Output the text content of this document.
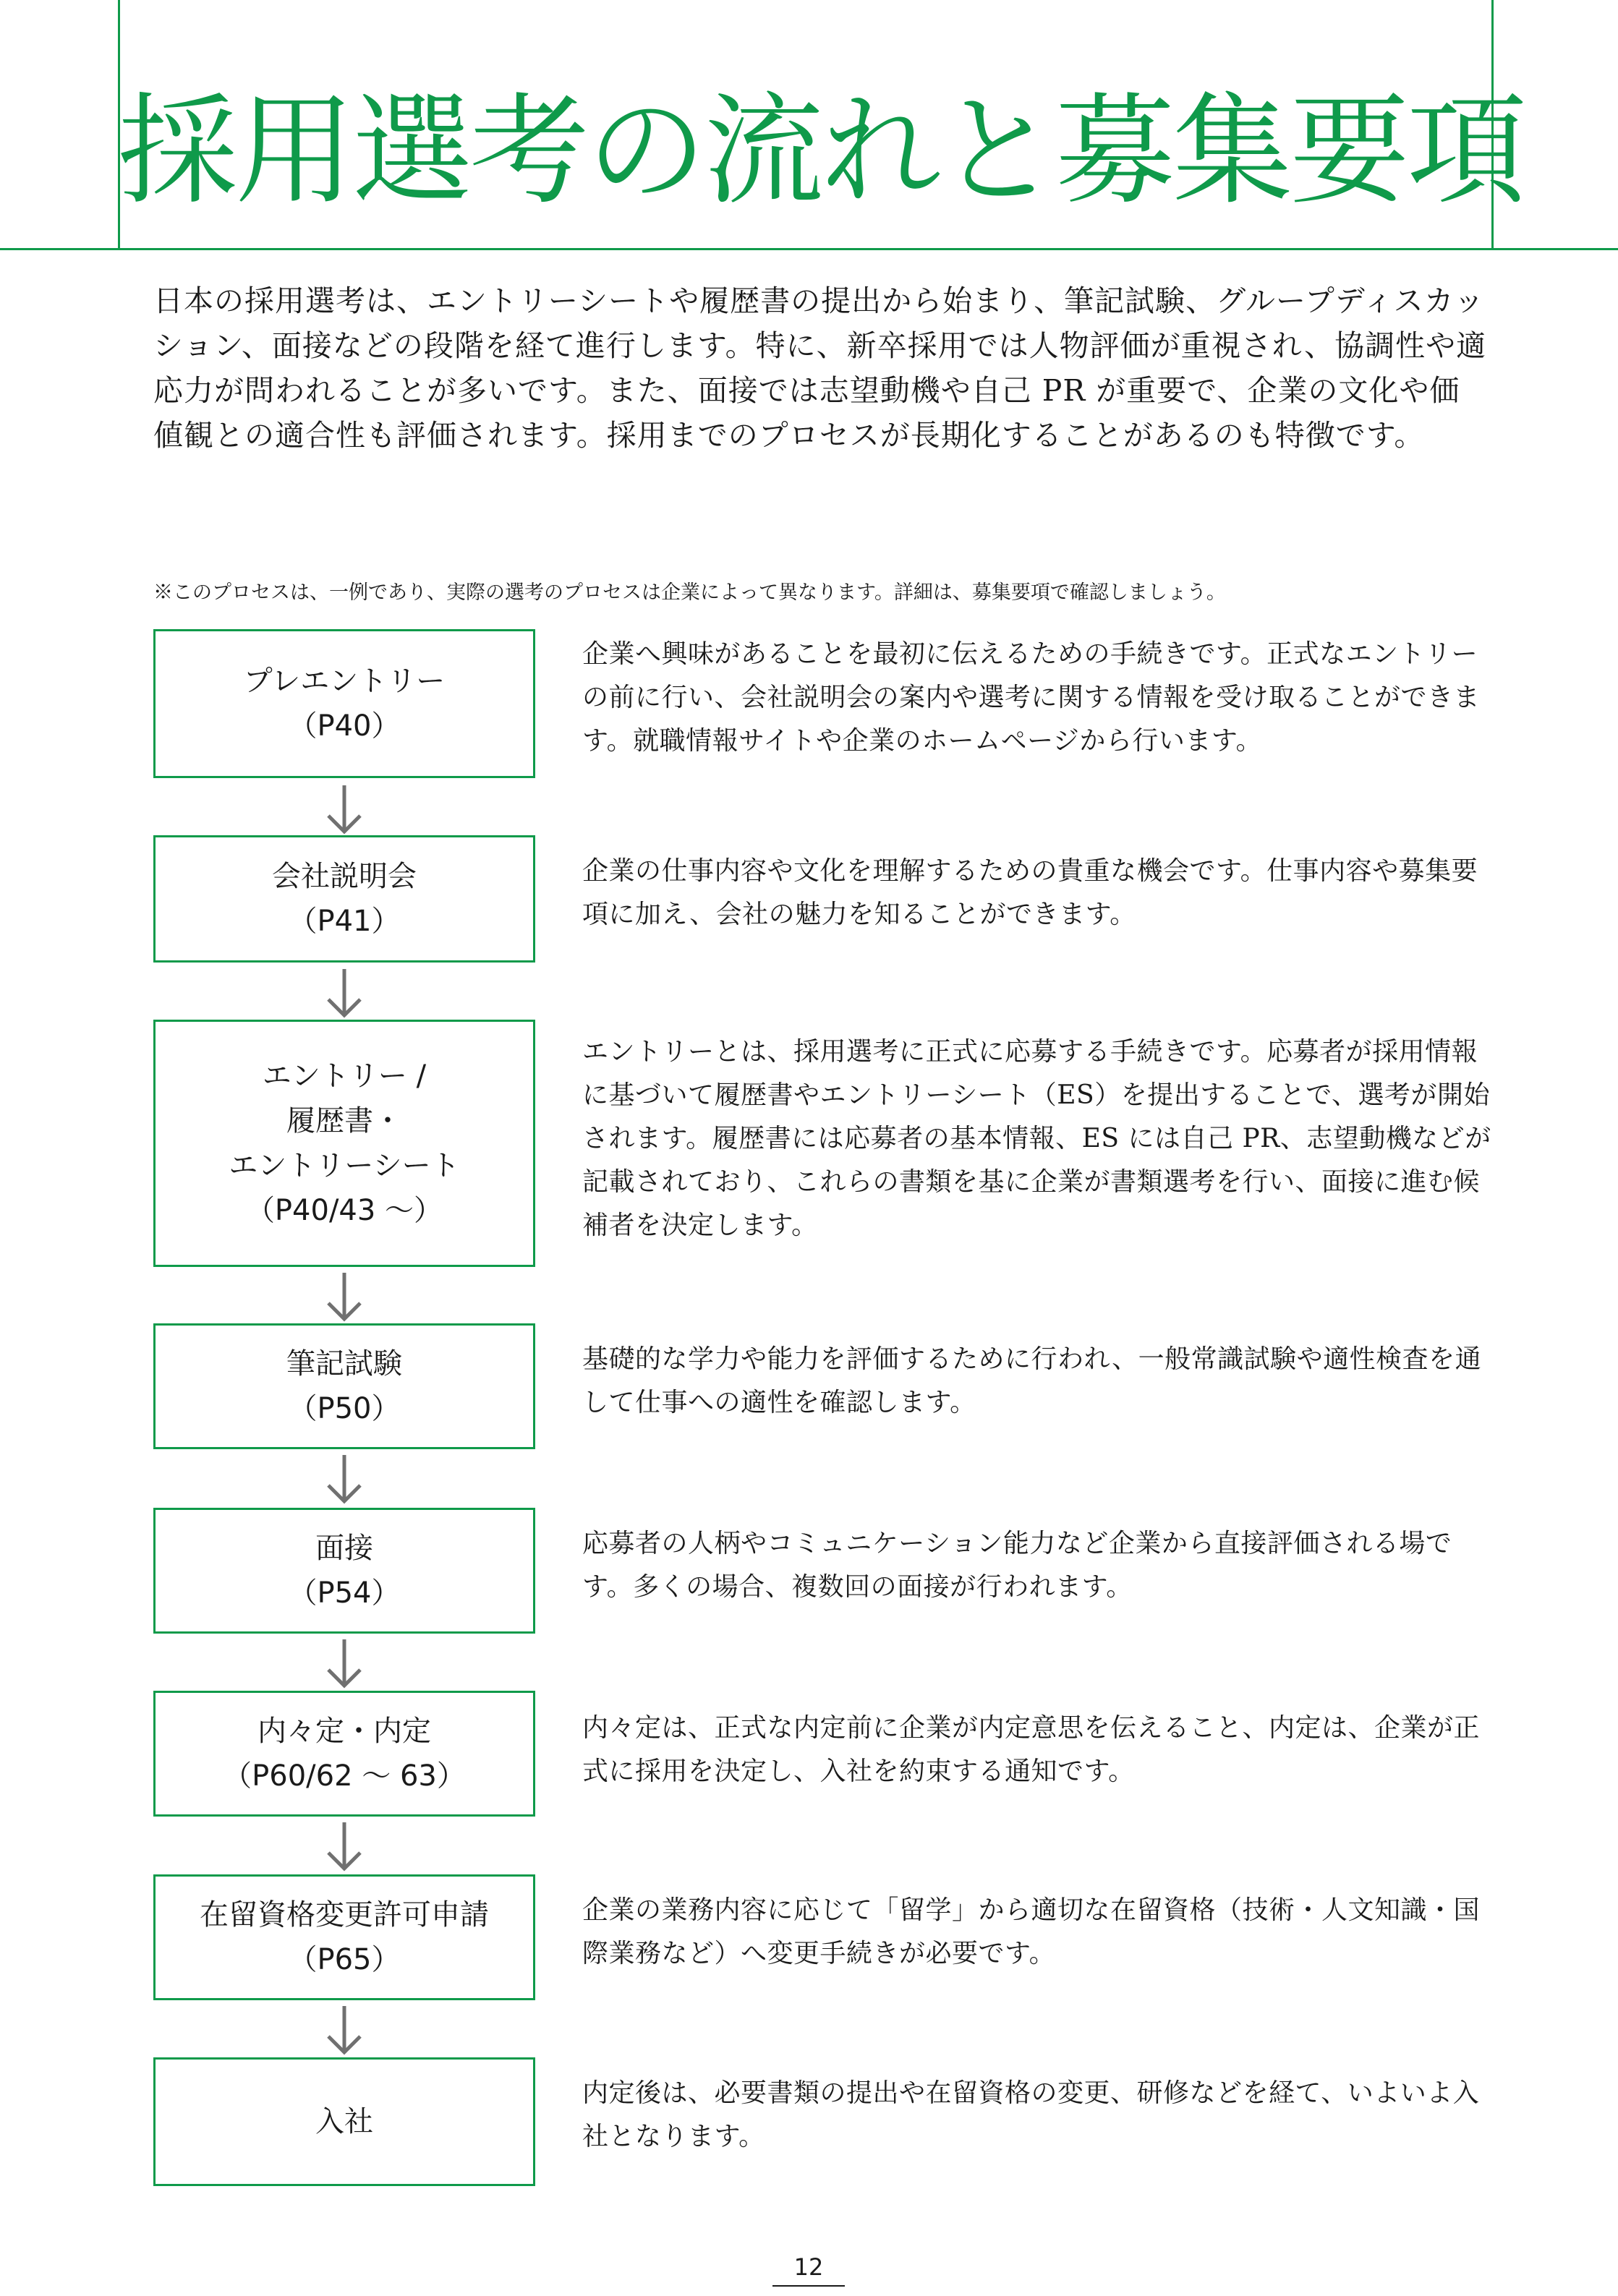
採用選考の流れと募集要項

日本の採用選考は、エントリーシートや履歴書の提出から始まり、筆記試験、グループディスカッション、面接などの段階を経て進行します。特に、新卒採用では人物評価が重視され、協調性や適応力が問われることが多いです。また、面接では志望動機や自己 PR が重要で、企業の文化や価値観との適合性も評価されます。採用までのプロセスが長期化することがあるのも特徴です。

※このプロセスは、一例であり、実際の選考のプロセスは企業によって異なります。詳細は、募集要項で確認しましょう。

プレエントリー
（P40）

企業へ興味があることを最初に伝えるための手続きです。正式なエントリーの前に行い、会社説明会の案内や選考に関する情報を受け取ることができます。就職情報サイトや企業のホームページから行います。

会社説明会
（P41）

企業の仕事内容や文化を理解するための貴重な機会です。仕事内容や募集要項に加え、会社の魅力を知ることができます。

エントリー /
履歴書・
エントリーシート
（P40/43 〜）

エントリーとは、採用選考に正式に応募する手続きです。応募者が採用情報に基づいて履歴書やエントリーシート（ES）を提出することで、選考が開始されます。履歴書には応募者の基本情報、ES には自己 PR、志望動機などが記載されており、これらの書類を基に企業が書類選考を行い、面接に進む候補者を決定します。

筆記試験
（P50）

基礎的な学力や能力を評価するために行われ、一般常識試験や適性検査を通して仕事への適性を確認します。

面接
（P54）

応募者の人柄やコミュニケーション能力など企業から直接評価される場です。多くの場合、複数回の面接が行われます。

内々定・内定
（P60/62 〜 63）

内々定は、正式な内定前に企業が内定意思を伝えること、内定は、企業が正式に採用を決定し、入社を約束する通知です。

在留資格変更許可申請
（P65）

企業の業務内容に応じて「留学」から適切な在留資格（技術・人文知識・国際業務など）へ変更手続きが必要です。

入社

内定後は、必要書類の提出や在留資格の変更、研修などを経て、いよいよ入社となります。

12
